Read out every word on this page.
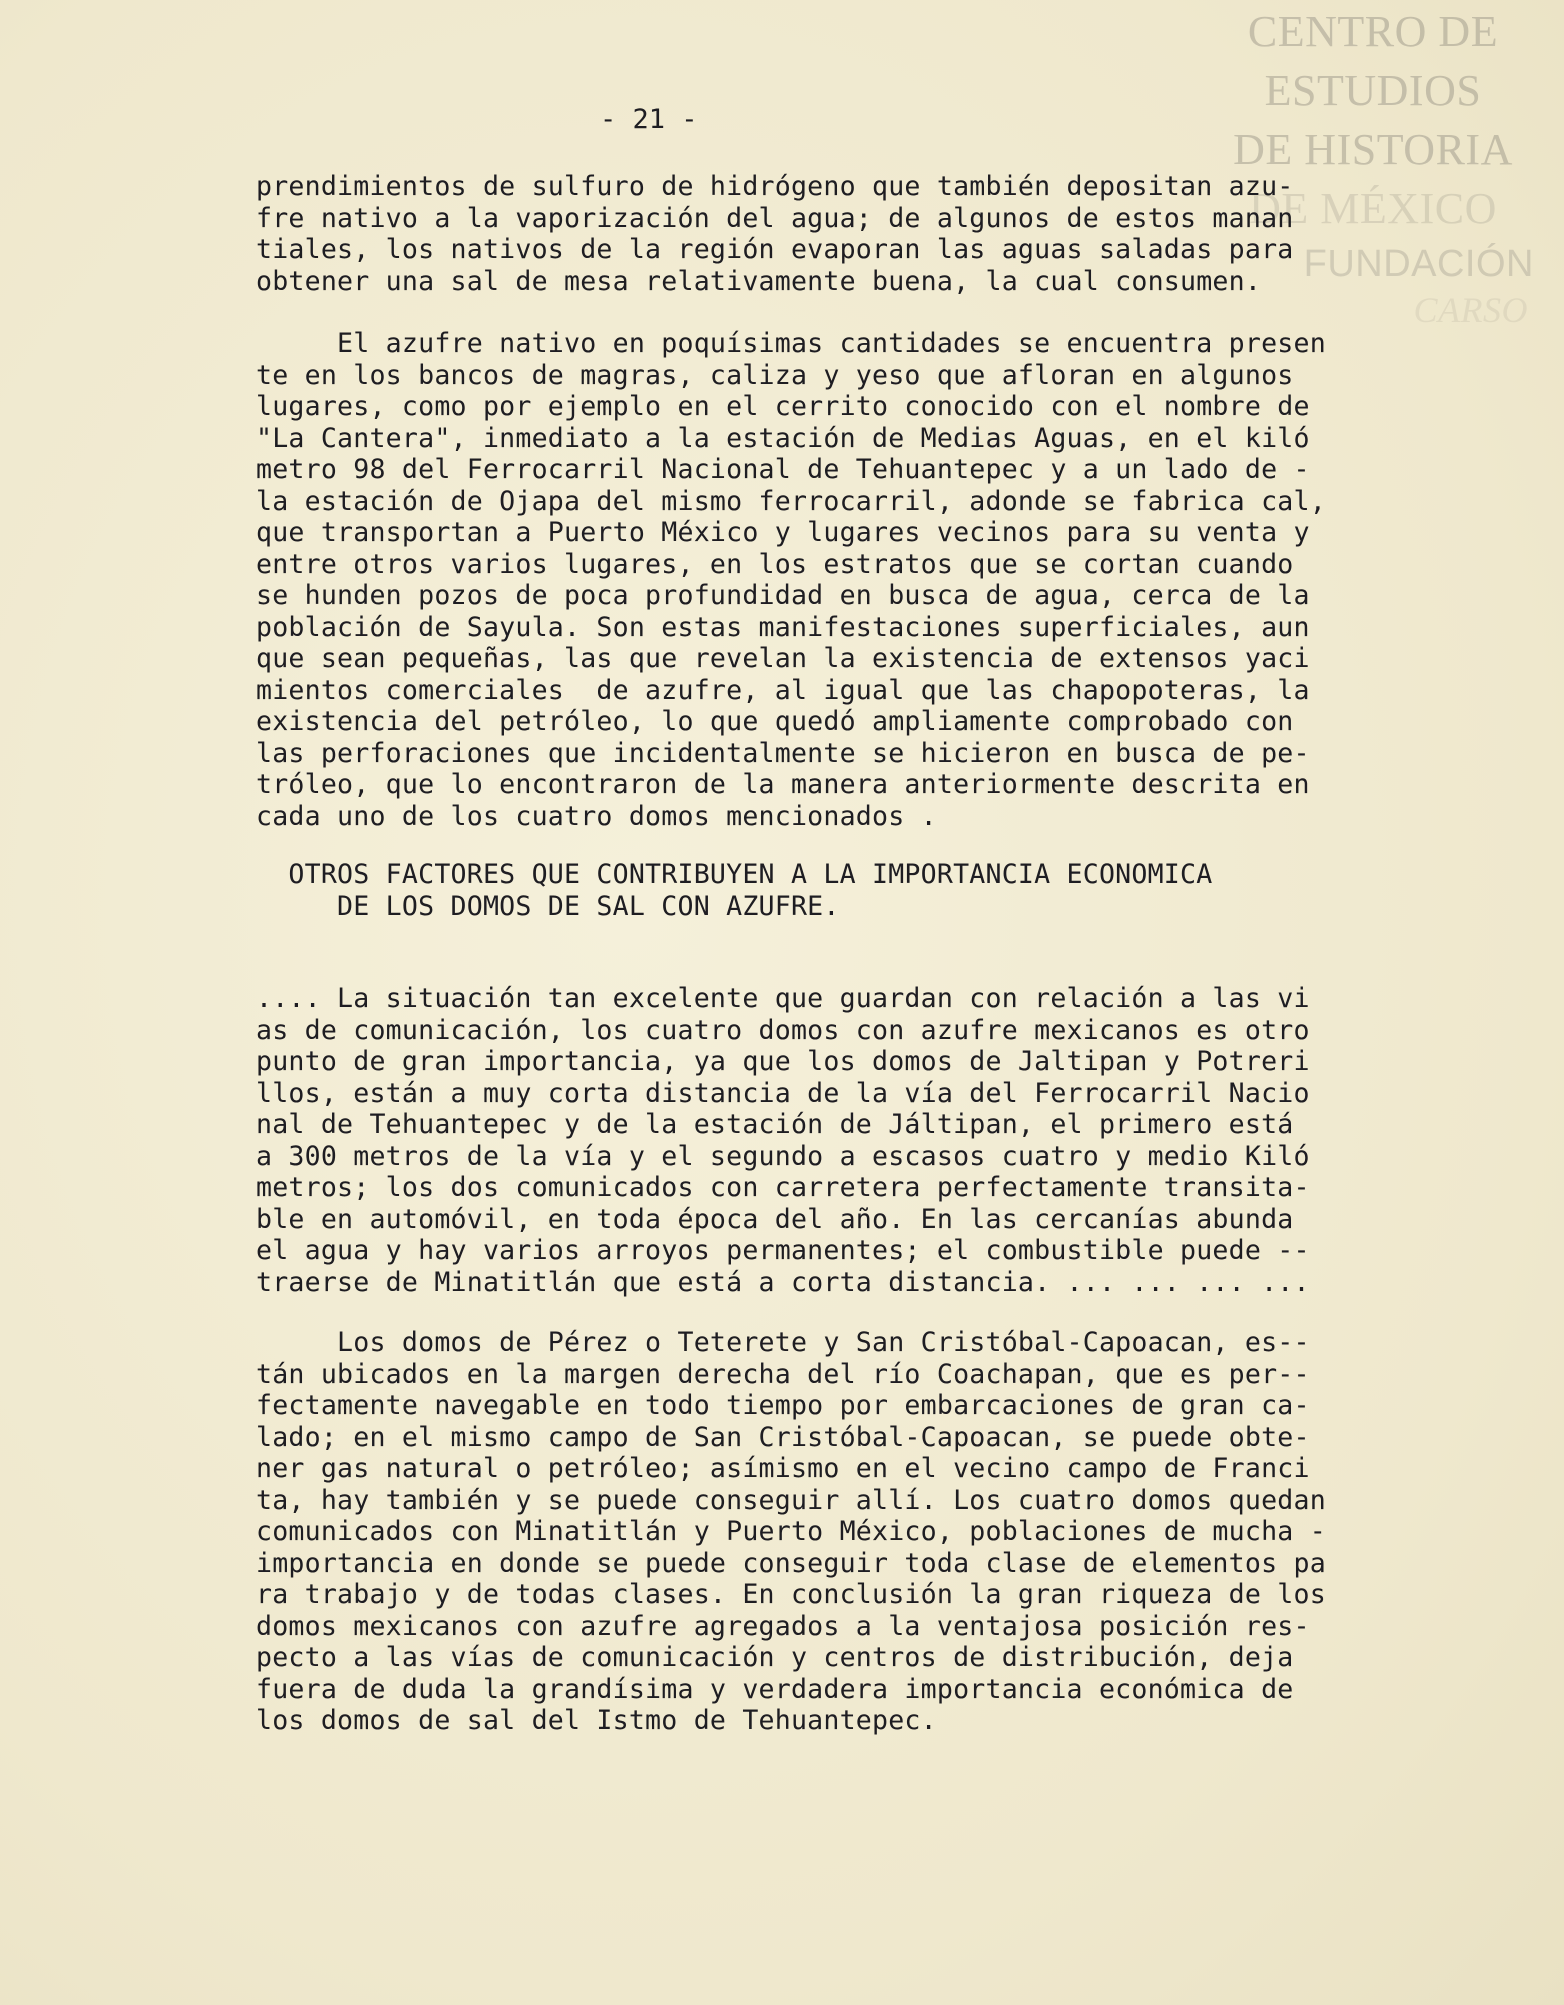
CENTRO DE
ESTUDIOS
DE HISTORIA
DE MÉXICO
FUNDACIÓN
CARSO
- 21 -
prendimientos de sulfuro de hidrógeno que también depositan azu-
fre nativo a la vaporización del agua; de algunos de estos manan
tiales, los nativos de la región evaporan las aguas saladas para
obtener una sal de mesa relativamente buena, la cual consumen.
El azufre nativo en poquísimas cantidades se encuentra presen
te en los bancos de magras, caliza y yeso que afloran en algunos
lugares, como por ejemplo en el cerrito conocido con el nombre de
"La Cantera", inmediato a la estación de Medias Aguas, en el kiló
metro 98 del Ferrocarril Nacional de Tehuantepec y a un lado de -
la estación de Ojapa del mismo ferrocarril, adonde se fabrica cal,
que transportan a Puerto México y lugares vecinos para su venta y
entre otros varios lugares, en los estratos que se cortan cuando
se hunden pozos de poca profundidad en busca de agua, cerca de la
población de Sayula. Son estas manifestaciones superficiales, aun
que sean pequeñas, las que revelan la existencia de extensos yaci
mientos comerciales  de azufre, al igual que las chapopoteras, la
existencia del petróleo, lo que quedó ampliamente comprobado con
las perforaciones que incidentalmente se hicieron en busca de pe-
tróleo, que lo encontraron de la manera anteriormente descrita en
cada uno de los cuatro domos mencionados .
OTROS FACTORES QUE CONTRIBUYEN A LA IMPORTANCIA ECONOMICA
DE LOS DOMOS DE SAL CON AZUFRE.
.... La situación tan excelente que guardan con relación a las vi
as de comunicación, los cuatro domos con azufre mexicanos es otro
punto de gran importancia, ya que los domos de Jaltipan y Potreri
llos, están a muy corta distancia de la vía del Ferrocarril Nacio
nal de Tehuantepec y de la estación de Jáltipan, el primero está
a 300 metros de la vía y el segundo a escasos cuatro y medio Kiló
metros; los dos comunicados con carretera perfectamente transita-
ble en automóvil, en toda época del año. En las cercanías abunda
el agua y hay varios arroyos permanentes; el combustible puede --
traerse de Minatitlán que está a corta distancia. ... ... ... ...
Los domos de Pérez o Teterete y San Cristóbal-Capoacan, es--
tán ubicados en la margen derecha del río Coachapan, que es per--
fectamente navegable en todo tiempo por embarcaciones de gran ca-
lado; en el mismo campo de San Cristóbal-Capoacan, se puede obte-
ner gas natural o petróleo; asímismo en el vecino campo de Franci
ta, hay también y se puede conseguir allí. Los cuatro domos quedan
comunicados con Minatitlán y Puerto México, poblaciones de mucha -
importancia en donde se puede conseguir toda clase de elementos pa
ra trabajo y de todas clases. En conclusión la gran riqueza de los
domos mexicanos con azufre agregados a la ventajosa posición res-
pecto a las vías de comunicación y centros de distribución, deja
fuera de duda la grandísima y verdadera importancia económica de
los domos de sal del Istmo de Tehuantepec.
